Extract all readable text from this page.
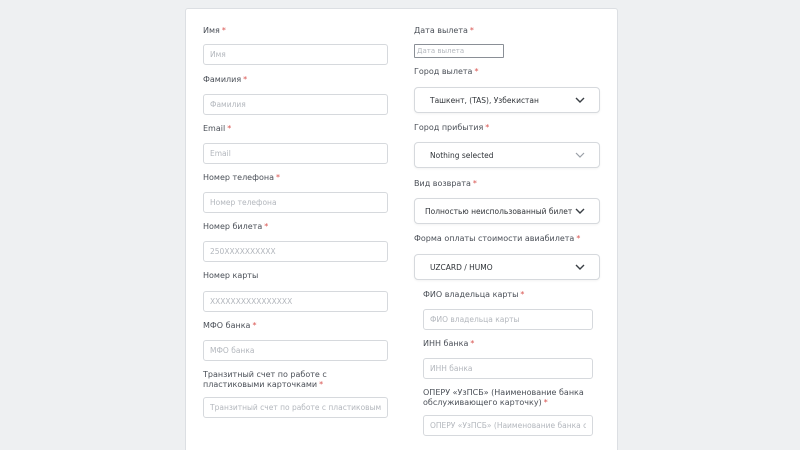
Имя *
Имя
Фамилия *
Фамилия
Email *
Email
Номер телефона *
Номер телефона
Номер билета *
250XXXXXXXXXX
Номер карты
XXXXXXXXXXXXXXXX
МФО банка *
МФО банка
Транзитный счет по работе с пластиковыми карточками *
Транзитный счет по работе с пластиковыми
Дата вылета *
Дата вылета
Город вылета *
Ташкент, (TAS), Узбекистан
Город прибытия *
Nothing selected
Вид возврата *
Полностью неиспользованный билет
Форма оплаты стоимости авиабилета *
UZCARD / HUMO
ФИО владельца карты *
ФИО владельца карты
ИНН банка *
ИНН банка
ОПЕРУ «УзПСБ» (Наименование банка обслуживающего карточку) *
ОПЕРУ «УзПСБ» (Наименование банка с
